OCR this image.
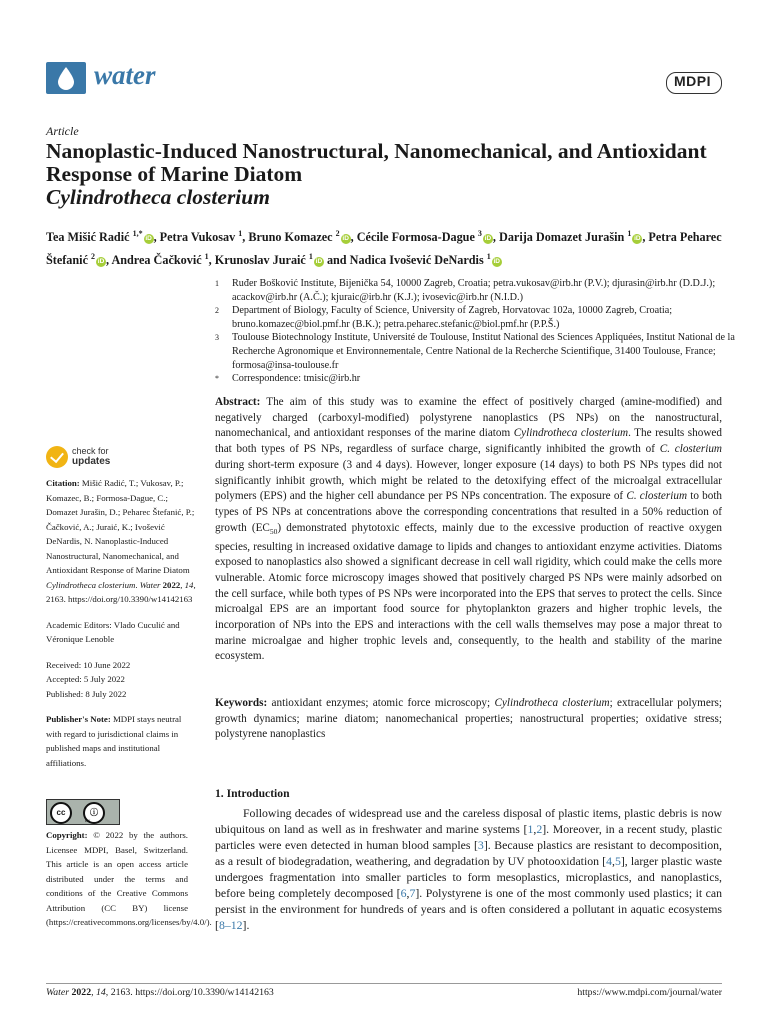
water	MDPI
Article
Nanoplastic-Induced Nanostructural, Nanomechanical, and Antioxidant Response of Marine Diatom
Cylindrotheca closterium
Tea Mišić Radić $^{1,*}$iD , Petra Vukosav $^1$, Bruno Komazec $^2$iD , Cécile Formosa-Dague $^3$iD , Darija Domazet Jurašin $^1$iD , Petra Peharec Štefanić $^2$iD , Andrea Čačković $^1$, Krunoslav Juraić $^1$iD and Nadica Ivošević DeNardis $^1$iD
1	Ruđer Bošković Institute, Bijenička 54, 10000 Zagreb, Croatia; petra.vukosav@irb.hr (P.V.); djurasin@irb.hr (D.D.J.); acackov@irb.hr (A.Č.); kjuraic@irb.hr (K.J.); ivosevic@irb.hr (N.I.D.)
2	Department of Biology, Faculty of Science, University of Zagreb, Horvatovac 102a, 10000 Zagreb, Croatia; bruno.komazec@biol.pmf.hr (B.K.); petra.peharec.stefanic@biol.pmf.hr (P.P.Š.)
3	Toulouse Biotechnology Institute, Université de Toulouse, Institut National des Sciences Appliquées, Institut National de la Recherche Agronomique et Environnementale, Centre National de la Recherche Scientifique, 31400 Toulouse, France; formosa@insa-toulouse.fr
*	Correspondence: tmisic@irb.hr
Abstract: The aim of this study was to examine the effect of positively charged (amine-modified) and negatively charged (carboxyl-modified) polystyrene nanoplastics (PS NPs) on the nanostructural, nanomechanical, and antioxidant responses of the marine diatom Cylindrotheca closterium. The results showed that both types of PS NPs, regardless of surface charge, significantly inhibited the growth of C. closterium during short-term exposure (3 and 4 days). However, longer exposure (14 days) to both PS NPs types did not significantly inhibit growth, which might be related to the detoxifying effect of the microalgal extracellular polymers (EPS) and the higher cell abundance per PS NPs concentration. The exposure of C. closterium to both types of PS NPs at concentrations above the corresponding concentrations that resulted in a 50% reduction of growth $(EC_{50})$ demonstrated phytotoxic effects, mainly due to the excessive production of reactive oxygen species, resulting in increased oxidative damage to lipids and changes to antioxidant enzyme activities. Diatoms exposed to nanoplastics also showed a significant decrease in cell wall rigidity, which could make the cells more vulnerable. Atomic force microscopy images showed that positively charged PS NPs were mainly adsorbed on the cell surface, while both types of PS NPs were incorporated into the EPS that serves to protect the cells. Since microalgal EPS are an important food source for phytoplankton grazers and higher trophic levels, the incorporation of NPs into the EPS and interactions with the cell walls themselves may pose a major threat to marine microalgae and higher trophic levels and, consequently, to the health and stability of the marine ecosystem.
Keywords: antioxidant enzymes; atomic force microscopy; Cylindrotheca closterium; extracellular polymers; growth dynamics; marine diatom; nanomechanical properties; nanostructural properties; oxidative stress; polystyrene nanoplastics
1. Introduction

Following decades of widespread use and the careless disposal of plastic items, plastic debris is now ubiquitous on land as well as in freshwater and marine systems [1,2]. Moreover, in a recent study, plastic particles were even detected in human blood samples [3]. Because plastics are resistant to decomposition, as a result of biodegradation, weathering, and degradation by UV photooxidation [4,5], larger plastic waste undergoes fragmentation into smaller particles to form mesoplastics, microplastics, and nanoplastics, before being completely decomposed [6,7]. Polystyrene is one of the most commonly used plastics; it can persist in the environment for hundreds of years and is often considered a pollutant in aquatic ecosystems [8–12].

check for
updates
Citation: Mišić Radić, T.; Vukosav, P.; Komazec, B.; Formosa-Dague, C.; Domazet Jurašin, D.; Peharec Štefanić, P.; Čačković, A.; Juraić, K.; Ivošević DeNardis, N. Nanoplastic-Induced Nanostructural, Nanomechanical, and Antioxidant Response of Marine Diatom Cylindrotheca closterium. Water 2022, 14, 2163. https://doi.org/10.3390/w14142163
Academic Editors: Vlado Cuculić and Véronique Lenoble
Received: 10 June 2022
Accepted: 5 July 2022
Published: 8 July 2022
Publisher's Note: MDPI stays neutral with regard to jurisdictional claims in published maps and institutional affiliations.
cc	ⓘ
BY
Copyright: © 2022 by the authors. Licensee MDPI, Basel, Switzerland. This article is an open access article distributed under the terms and conditions of the Creative Commons Attribution (CC BY) license (https://creativecommons.org/licenses/by/4.0/).
Water 2022, 14, 2163. https://doi.org/10.3390/w14142163	https://www.mdpi.com/journal/water
